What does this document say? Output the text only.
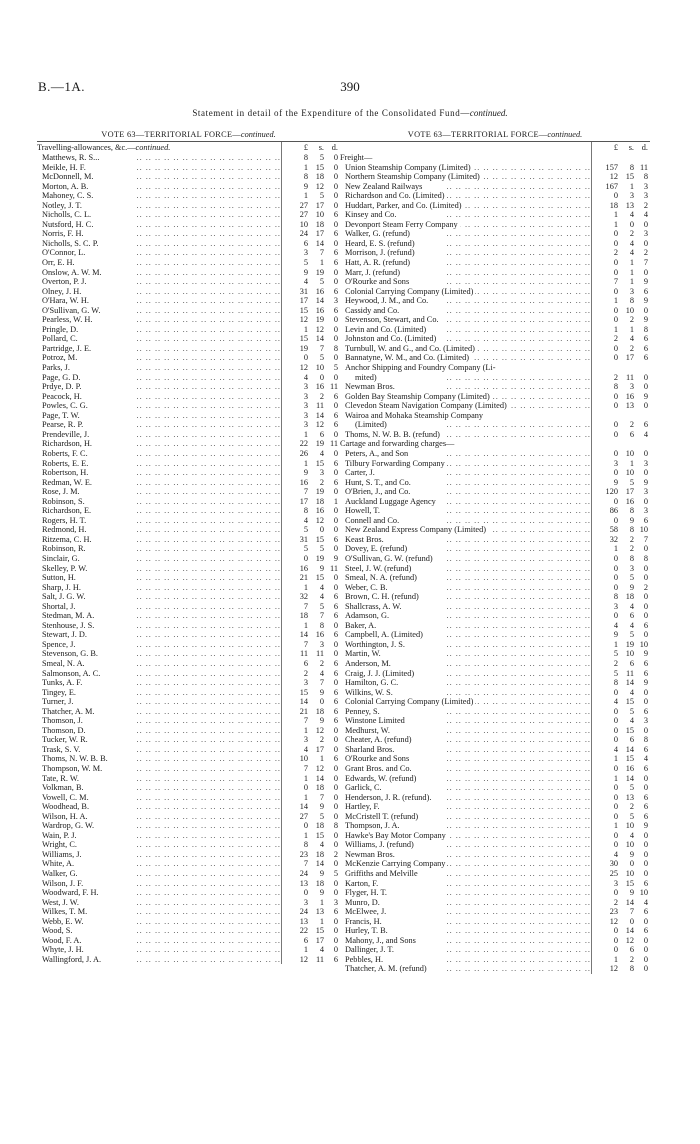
B.—1A.	390
Statement in detail of the Expenditure of the Consolidated Fund—continued.
VOTE 63—TERRITORIAL FORCE—continued.
Travelling-allowances, &c.—continued.	£	s. d.
Matthews, R. S... .. .	8	5	0
Meikle, H. F. .. .	1 15	0
McDonnell, M. .. .	8 18	0
Morton, A. B. .. .	9 12	0
Mahoney, C. S. .. .	1	5	0
Notley, J. T. .. .	27 17	0
Nicholls, C. L. .. .	27 10	6
Nutsford, H. C. .. .	10 18	0
Norris, F. H. .. .	24 17	6
Nicholls, S. C. P. .. .	6 14	0
O'Connor, L. .. .	3	7	6
Orr, E. H. .. .	5	1	6
Onslow, A. W. M. .. .	9 19	0
Overton, P. J. .. .	4	5	0
Olney, J. H. .. .	31 16	6
O'Hara, W. H. .. .	17 14	3
O'Sullivan, G. W. .. .	15 16	6
Pearless, W. H. .. .	12 19	0
Pringle, D. .. .	1 12	0
Pollard, C. .. .	15 14	0
Partridge, J. E. .. .	19	7	8
Potroz, M. .. .	0	5	0
Parks, J. .. .	12 10	5
Page, G. D. .. .	4	0	0
Prdye, D. P. .. .	3 16 11
Peacock, H. .. .	3	2	6
Powles, C. G. .. .	3 11	0
Page, T. W. .. .	3 14	6
Pearse, R. P. .. .	3 12	6
Prendeville, J. .. .	1	6	0
Richardson, H. .. .	22 19 11
Roberts, F. C. .. .	26	4	0
Roberts, E. E. .. .	1 15	6
Robertson, H. .. .	9	3	0
Redman, W. E. .. .	16	2	6
Rose, J. M. .. .	7 19	0
Robinson, S. .. .	17 18	1
Richardson, E. .. .	8 16	0
Rogers, H. T. .. .	4 12	0
Redmond, H. .. .	5	0	0
Ritzema, C. H. .. .	31 15	6
Robinson, R. .. .	5	5	0
Sinclair, G. .. .	0 19	9
Skelley, P. W. .. .	16	9 11
Sutton, H. .. .	21 15	0
Sharp, J. H. .. .	1	4	0
Salt, J. G. W. .. .	32	4	6
Shortal, J. .. .	7	5	6
Stedman, M. A. .. .	18	7	6
Stenhouse, J. S. .. .	1	8	0
Stewart, J. D. .. .	14 16	6
Spence, J. .. .	7	3	0
Stevenson, G. B. .. .	11 11	0
Smeal, N. A. .. .	6	2	6
Salmonson, A. C. .. .	2	4	6
Tunks, A. F. .. .	3	7	0
Tingey, E. .. .	15	9	6
Turner, J. .. .	14	0	6
Thatcher, A. M. .. .	21 18	6
Thomson, J. .. .	7	9	6
Thomson, D. .. .	1 12	0
Tucker, W. R. .. .	3	2	0
Trask, S. V. .. .	4 17	0
Thoms, N. W. B. B. .. .	10	1	6
Thompson, W. M. .. .	7 12	0
Tate, R. W. .. .	1 14	0
Volkman, B. .. .	0 18	0
Vowell, C. M. .. .	1	7	0
Woodhead, B. .. .	14	9	0
Wilson, H. A. .. .	27	5	0
Wardrop, G. W. .. .	0 18	8
Wain, P. J. .. .	1 15	0
Wright, C. .. .	8	4	0
Williams, J. .. .	23 18	2
White, A. .. .	7 14	0
Walker, G. .. .	24	9	5
Wilson, J. F. .. .	13 18	0
Woodward, F. H. .. .	0	9	0
West, J. W. .. .	3	1	3
Wilkes, T. M. .. .	24 13	6
Webb, E. W. .. .	13	1	0
Wood, S. .. .	22 15	0
Wood, F. A. .. .	6 17	0
Whyte, J. H. .. .	1	4	0
Wallingford, J. A. .. .	12 11	6
VOTE 63—TERRITORIAL FORCE—continued.
£	s. d.
Freight—
Union Steamship Company (Limited) .. .	157	8 11
Northern Steamship Company (Limited) .. .	12 15	8
New Zealand Railways .. .	167	1	3
Richardson and Co. (Limited) .. .	0	3	3
Huddart, Parker, and Co. (Limited) .. .	18 13	2
Kinsey and Co. .. .	1	4	4
Devonport Steam Ferry Company .. .	1	0	0
Walker, G. (refund) .. .	0	2	3
Heard, E. S. (refund) .. .	0	4	0
Morrison, J. (refund) .. .	2	4	2
Hatt, A. R. (refund) .. .	0	1	7
Marr, J. (refund) .. .	0	1	0
O'Rourke and Sons .. .	7	1	9
Colonial Carrying Company (Limited) .. .	0	3	6
Heywood, J. M., and Co. .. .	1	8	9
Cassidy and Co. .. .	0 10	0
Stevenson, Stewart, and Co. .. .	0	2	9
Levin and Co. (Limited) .. .	1	1	8
Johnston and Co. (Limited) .. .	2	4	6
Turnbull, W. and G., and Co. (Limited) .. .	0	2	6
Bannatyne, W. M., and Co. (Limited) .. .	0 17	6
Anchor Shipping and Foundry Company (Li-
mited) .. .	2 11	0
Newman Bros. .. .	8	3	0
Golden Bay Steamship Company (Limited) .. .	0 16	9
Clevedon Steam Navigation Company (Limited) .. .	0 13	0
Wairoa and Mohaka Steamship Company
(Limited) .. .	0	2	6
Thoms, N. W. B. B. (refund) .. .	0	6	4
Cartage and forwarding charges—
Peters, A., and Son .. .	0 10	0
Tilbury Forwarding Company .. .	3	1	3
Carter, J. .. .	0 10	0
Hunt, S. T., and Co. .. .	9	5	9
O'Brien, J., and Co. .. .	120 17	3
Auckland Luggage Agency .. .	0 16	0
Howell, T. .. .	86	8	3
Connell and Co. .. .	0	9	6
New Zealand Express Company (Limited) .. .	58	8 10
Keast Bros. .. .	32	2	7
Dovey, E. (refund) .. .	1	2	0
O'Sullivan, G. W. (refund) .. .	0	8	8
Steel, J. W. (refund) .. .	0	3	0
Smeal, N. A. (refund) .. .	0	5	0
Weber, C. B. .. .	0	9	2
Brown, C. H. (refund) .. .	8 18	0
Shallcrass, A. W. .. .	3	4	0
Adamson, G. .. .	0	6	0
Baker, A. .. .	4	4	6
Campbell, A. (Limited) .. .	9	5	0
Worthington, J. S. .. .	1 19 10
Martin, W. .. .	5 10	9
Anderson, M. .. .	2	6	6
Craig, J. J. (Limited) .. .	5 11	6
Hamilton, G. C. .. .	8 14	9
Wilkins, W. S. .. .	0	4	0
Colonial Carrying Company (Limited) .. .	4 15	0
Penney, S. .. .	0	5	6
Winstone Limited .. .	0	4	3
Medhurst, W. .. .	0 15	0
Cheater, A. (refund) .. .	0	6	8
Sharland Bros. .. .	4 14	6
O'Rourke and Sons .. .	1 15	4
Grant Bros. and Co. .. .	0 16	6
Edwards, W. (refund) .. .	1 14	0
Garlick, C. .. .	0	5	0
Henderson, J. R. (refund). .. .	0 13	6
Hartley, F. .. .	0	2	6
McCristell T. (refund) .. .	0	5	6
Thompson, J. A. .. .	1 10	9
Hawke's Bay Motor Company .. .	0	4	0
Williams, J. (refund) .. .	0 10	0
Newman Bros. .. .	4	9	0
McKenzie Carrying Company .. .	30	0	0
Griffiths and Melville .. .	25 10	0
Karton, F. .. .	3 15	6
Flyger, H. T. .. .	0	9 10
Munro, D. .. .	2 14	4
McElwee, J. .. .	23	7	6
Francis, H. .. .	12	0	0
Hurley, T. B. .. .	0 14	6
Mahony, J., and Sons .. .	0 12	0
Dallinger, J. T. .. .	0	6	0
Pebbles, H. .. .	1	2	0
Thatcher, A. M. (refund) .. .	12	8	0
